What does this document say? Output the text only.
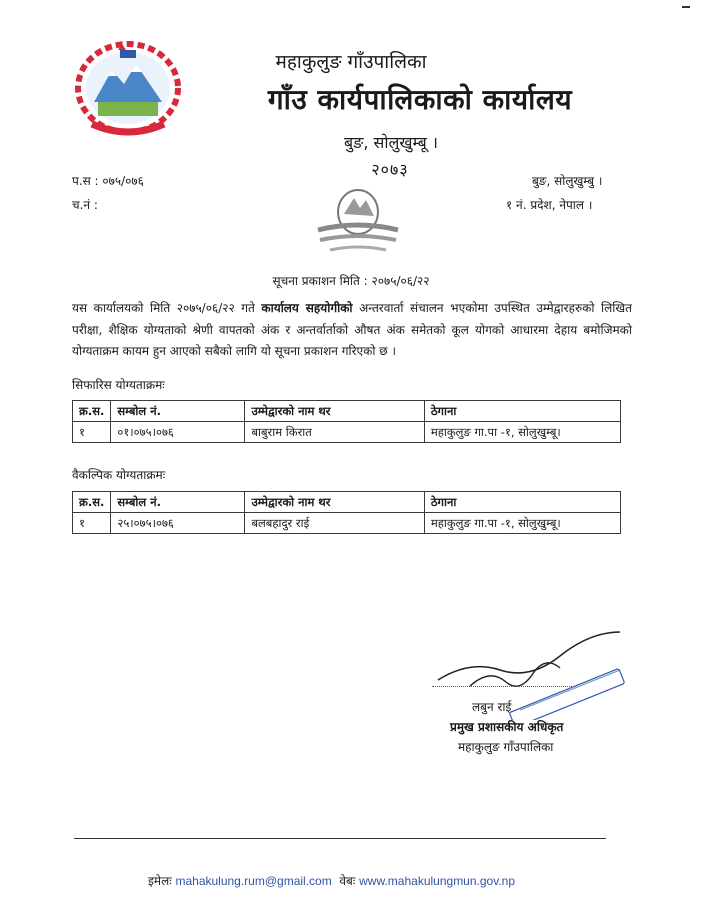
महाकुलुङ गाँउपालिका
गाँउ कार्यपालिकाको कार्यालय
बुङ, सोलुखुम्बू ।
२०७३
प.स : ०७५/०७६
च.नं :
बुङ, सोलुखुम्बु ।
१ नं. प्रदेश, नेपाल ।
सूचना प्रकाशन मिति : २०७५/०६/२२
यस कार्यालयको मिति २०७५/०६/२२ गते कार्यालय सहयोगीको अन्तरवार्ता संचालन भएकोमा उपस्थित उम्मेद्वारहरुको लिखित परीक्षा, शैक्षिक योग्यताको श्रेणी वापतको अंक र अन्तर्वार्ताको औषत अंक समेतको कूल योगको आधारमा देहाय बमोजिमको योग्यताक्रम कायम हुन आएको सबैको लागि यो सूचना प्रकाशन गरिएको छ ।
सिफारिस योग्यताक्रमः
क्र.स.	सम्बोल नं.	उम्मेद्वारको नाम थर	ठेगाना
१	०१।०७५।०७६	बाबुराम किरात	महाकुलुङ गा.पा -१, सोलुखुम्बू।
वैकल्पिक योग्यताक्रमः
क्र.स.	सम्बोल नं.	उम्मेद्वारको नाम थर	ठेगाना
१	२५।०७५।०७६	बलबहादुर राई	महाकुलुङ गा.पा -१, सोलुखुम्बू।
लबुन राई
प्रमुख प्रशासकीय अधिकृत
महाकुलुङ गाँउपालिका
इमेलः mahakulung.rum@gmail.com वेबः www.mahakulungmun.gov.np
